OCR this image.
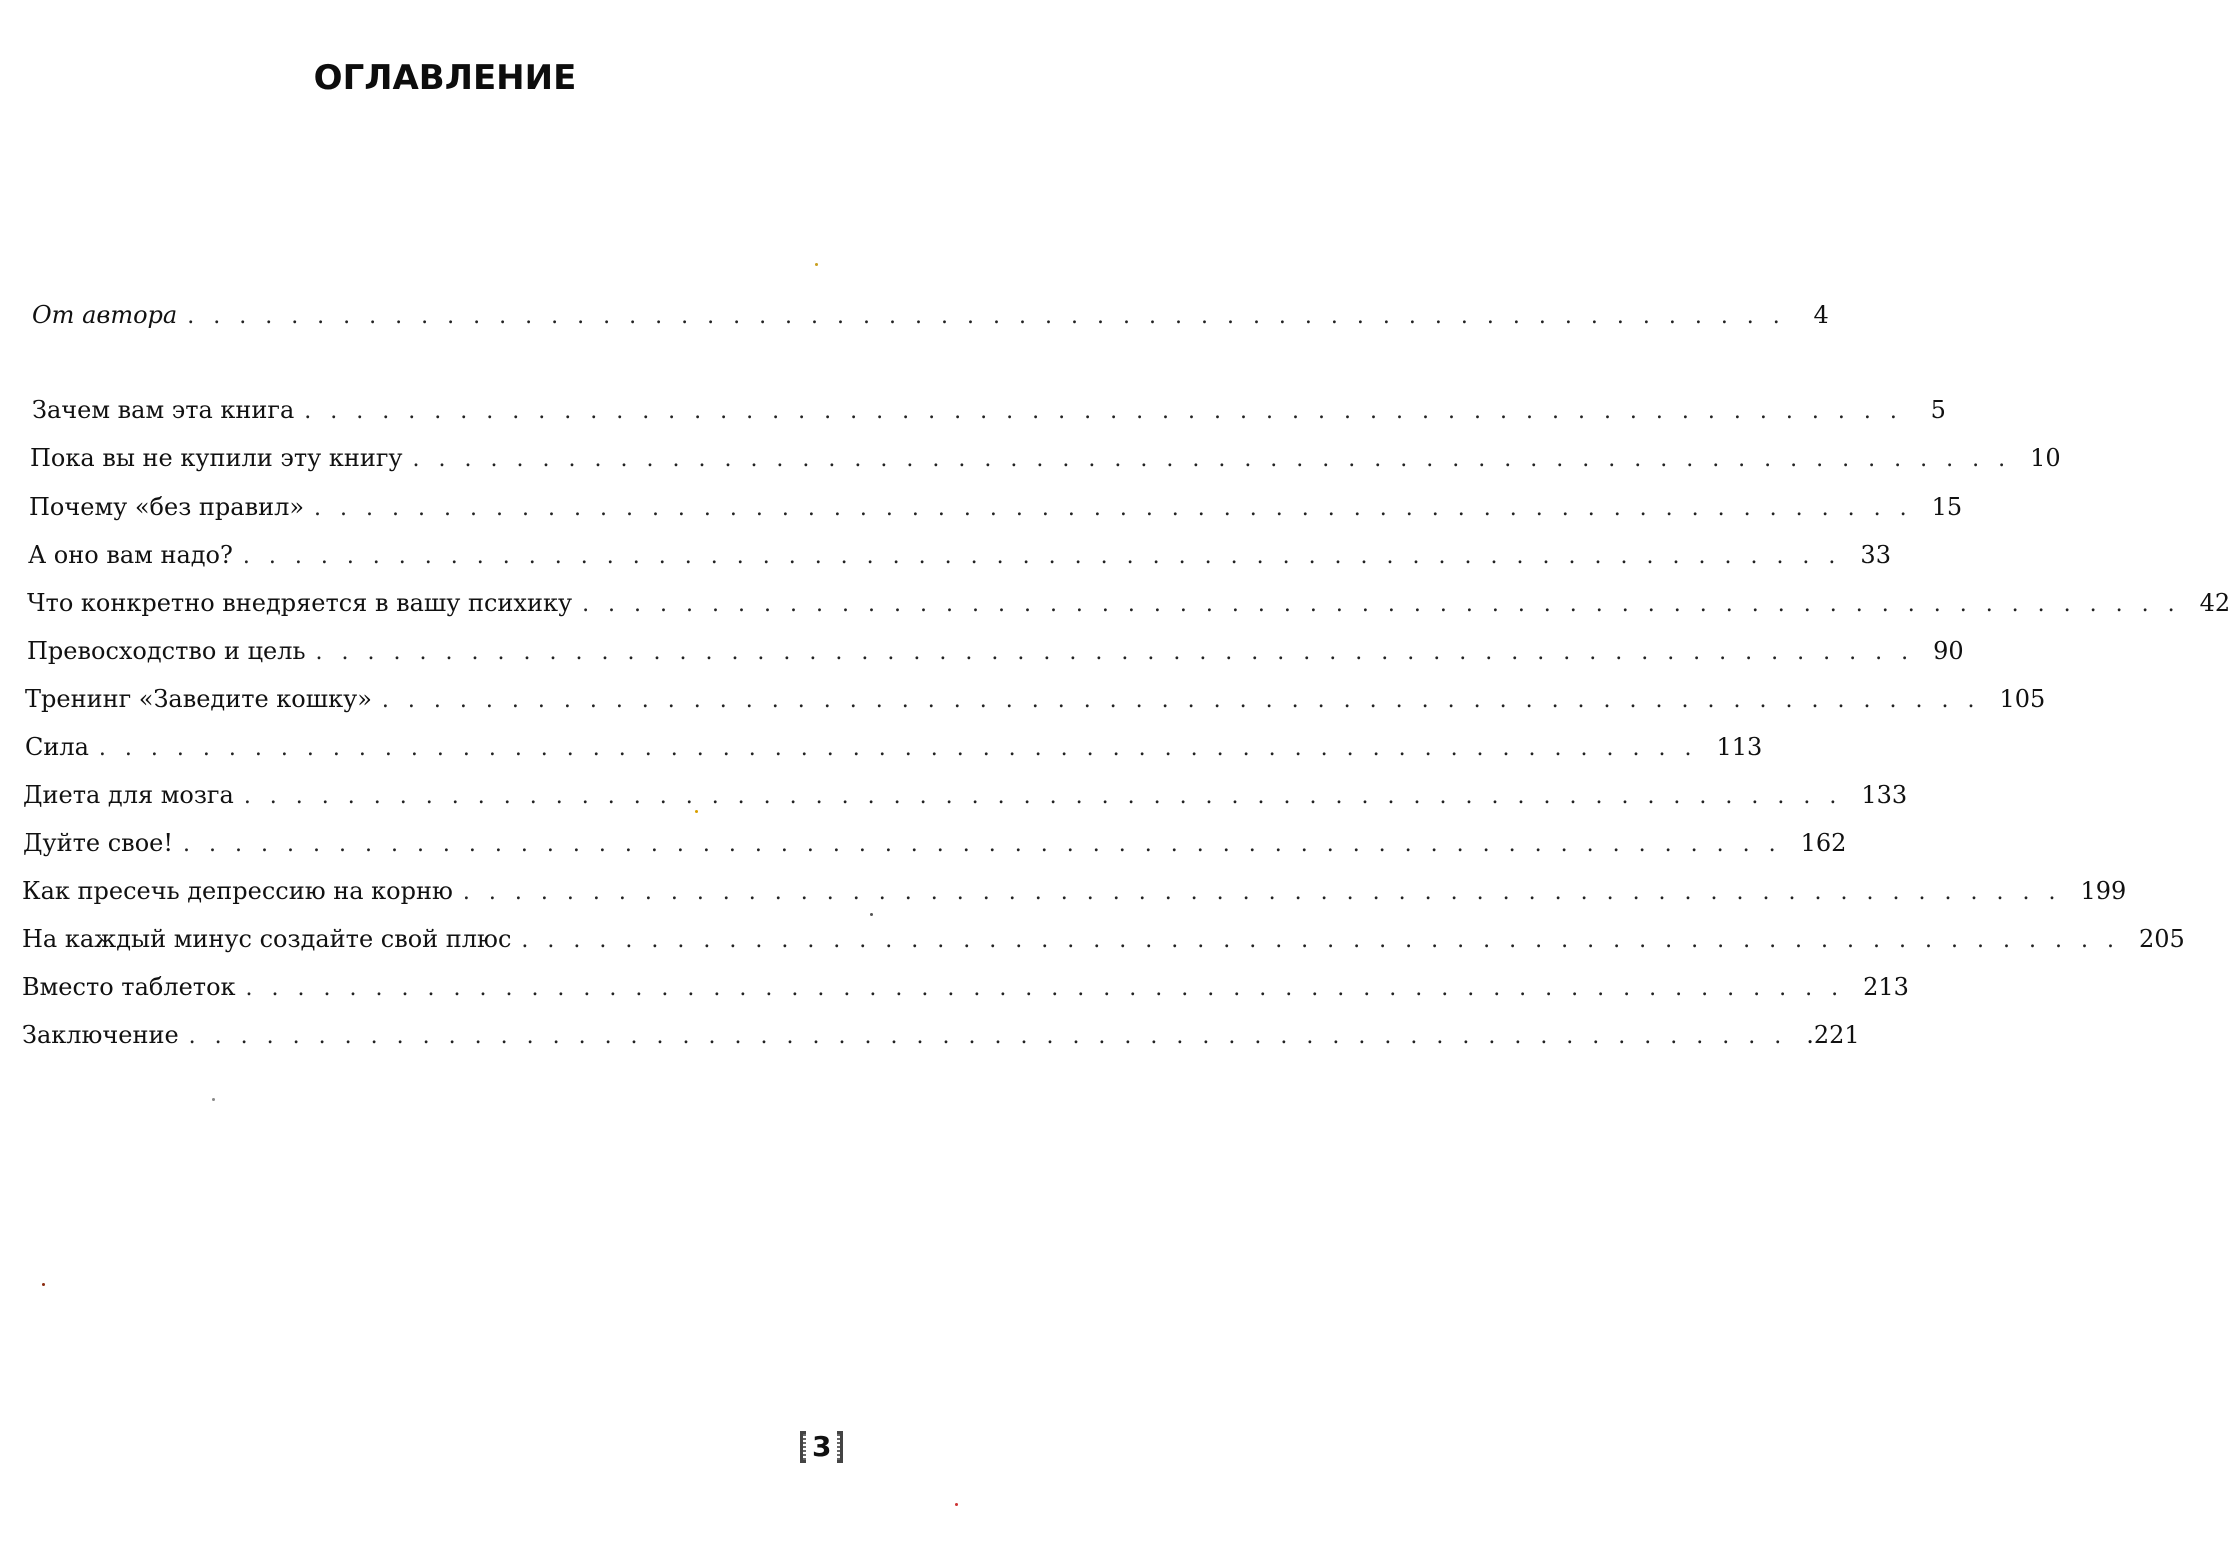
ОГЛАВЛЕНИЕ
От автора .............................................................. 4
Зачем вам эта книга .............................................................. 5
Пока вы не купили эту книгу .............................................................. 10
Почему «без правил» .............................................................. 15
А оно вам надо? .............................................................. 33
Что конкретно внедряется в вашу психику .............................................................. 42
Превосходство и цель .............................................................. 90
Тренинг «Заведите кошку» .............................................................. 105
Сила .............................................................. 113
Диета для мозга .............................................................. 133
Дуйте свое! .............................................................. 162
Как пресечь депрессию на корню .............................................................. 199
На каждый минус создайте свой плюс .............................................................. 205
Вместо таблеток .............................................................. 213
Заключение .............................................................. .221
3
